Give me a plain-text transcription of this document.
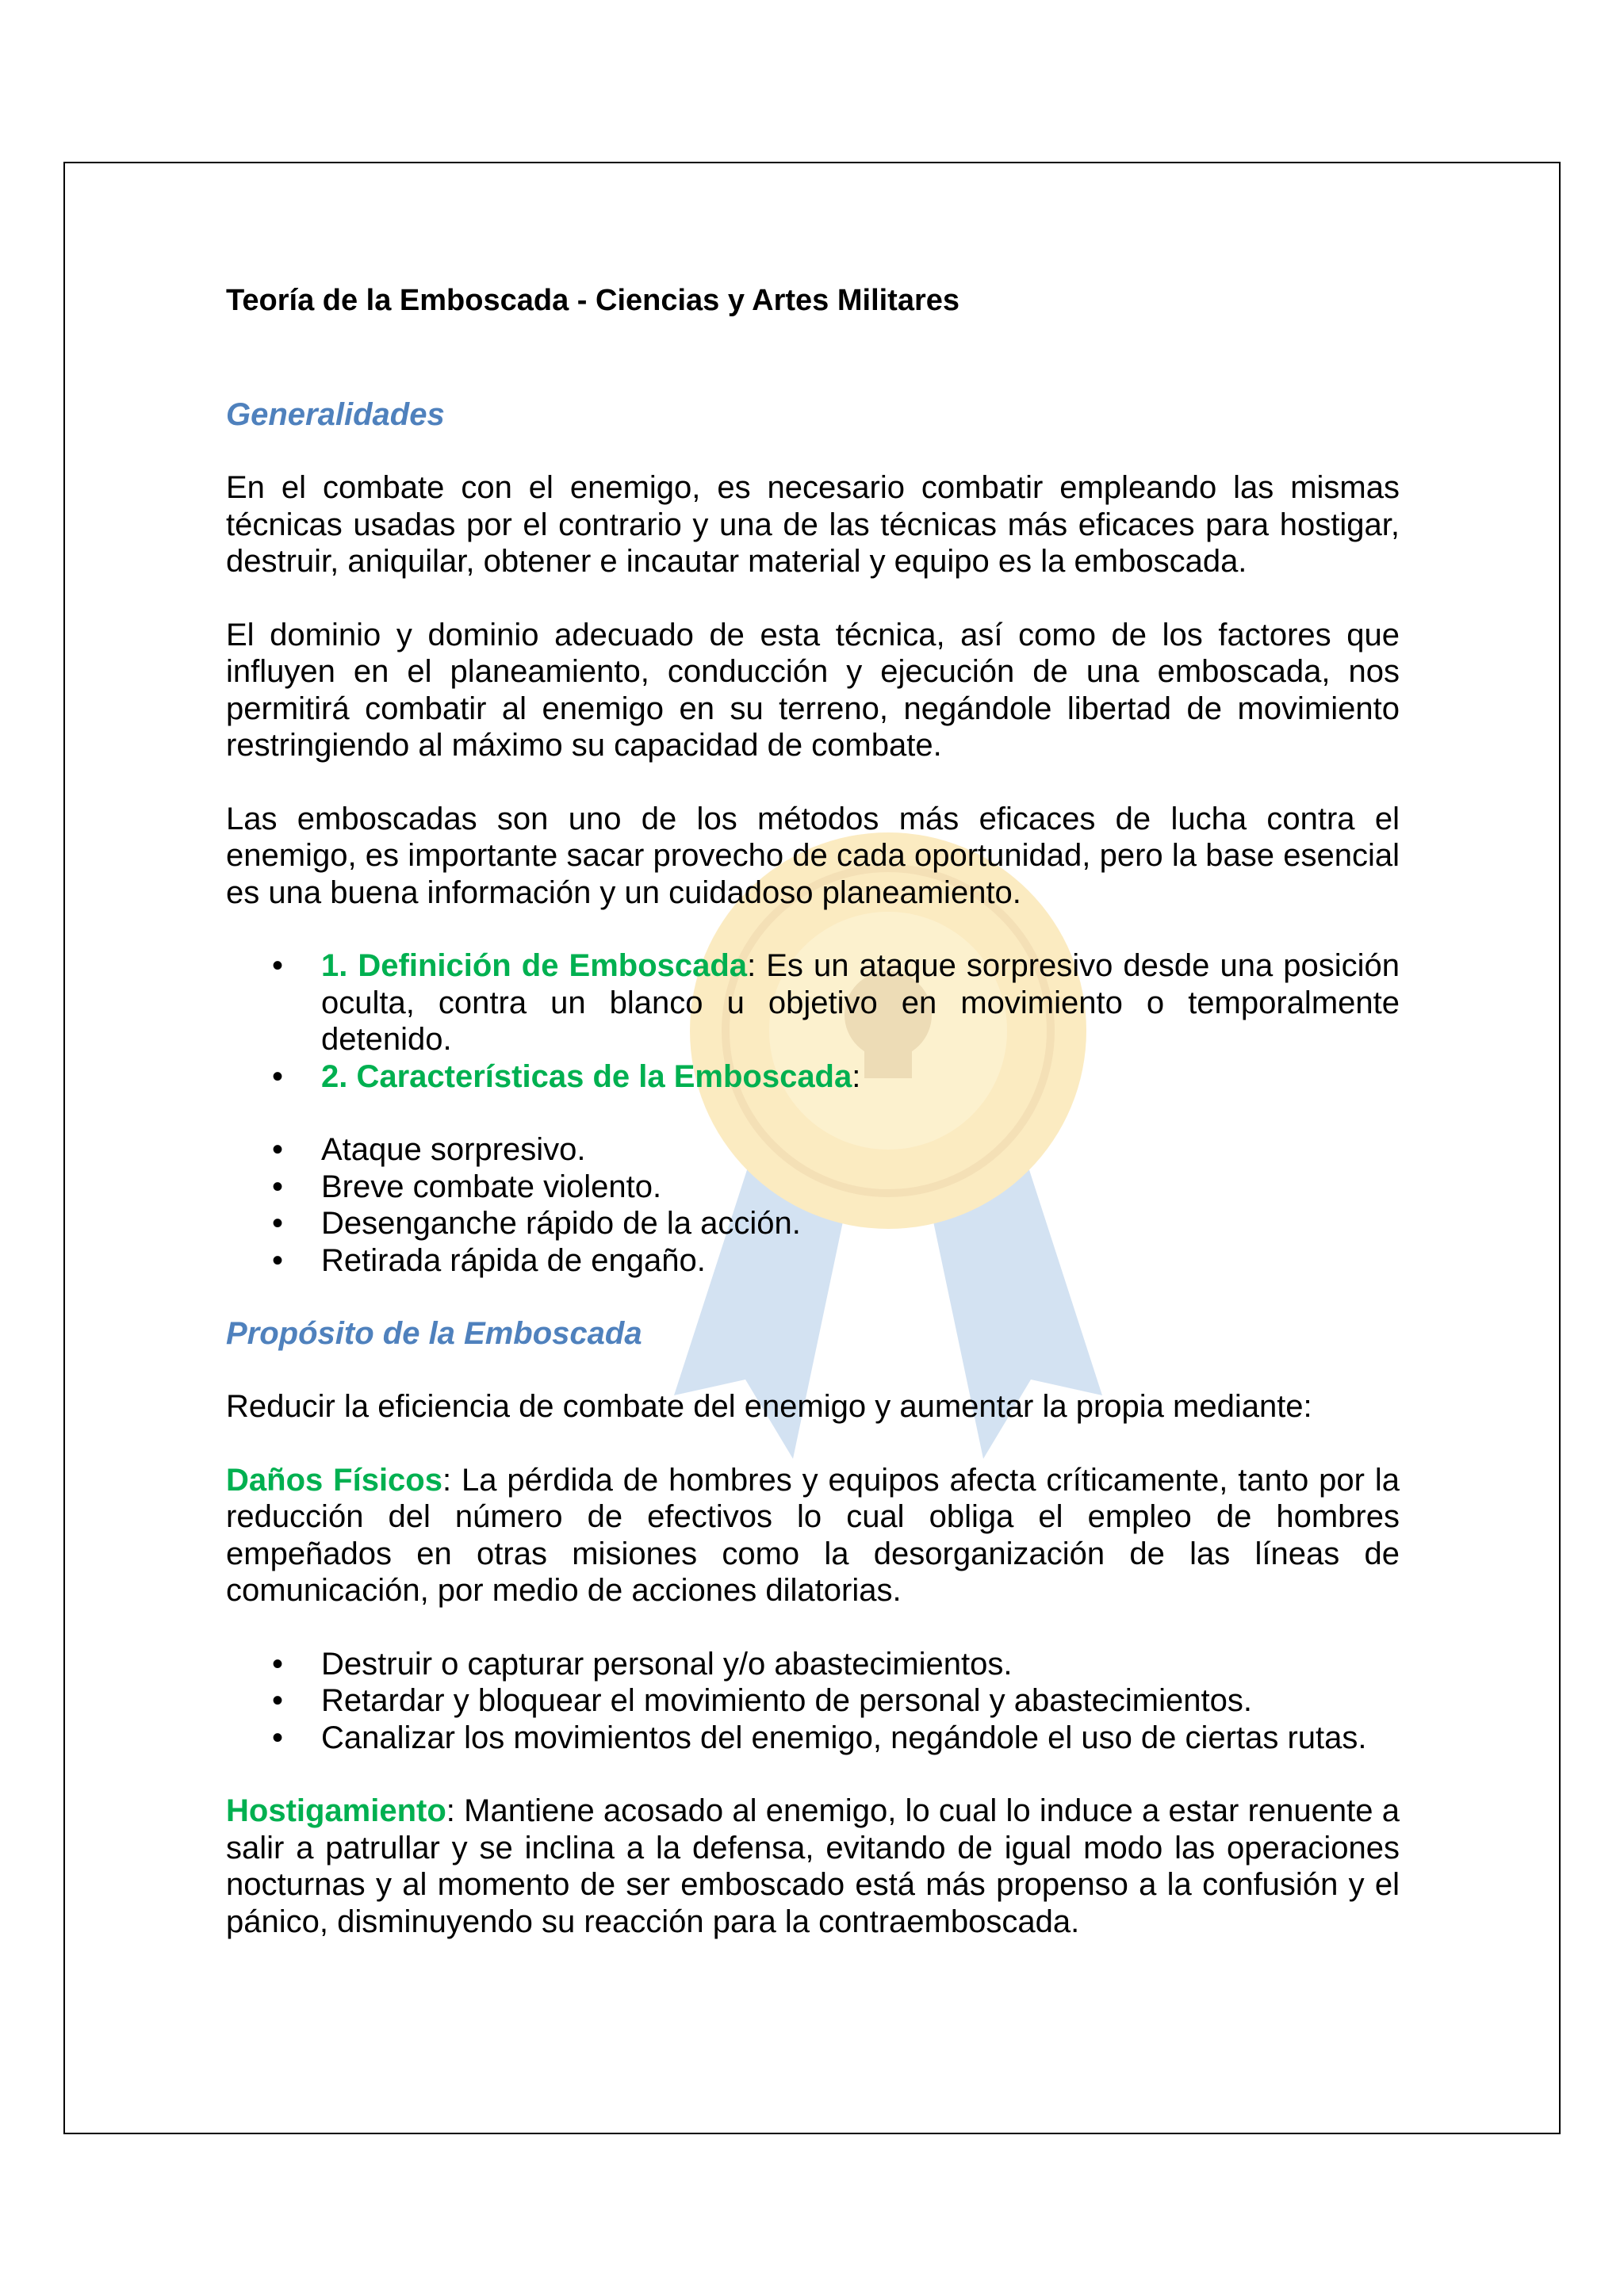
Teoría de la Emboscada - Ciencias y Artes Militares
Generalidades

En el combate con el enemigo, es necesario combatir empleando las mismas técnicas usadas por el contrario y una de las técnicas más eficaces para hostigar, destruir, aniquilar, obtener e incautar material y equipo es la emboscada.

El dominio y dominio adecuado de esta técnica, así como de los factores que influyen en el planeamiento, conducción y ejecución de una emboscada, nos permitirá combatir al enemigo en su terreno, negándole libertad de movimiento restringiendo al máximo su capacidad de combate.

Las emboscadas son uno de los métodos más eficaces de lucha contra el enemigo, es importante sacar provecho de cada oportunidad, pero la base esencial es una buena información y un cuidadoso planeamiento.

• 1. Definición de Emboscada: Es un ataque sorpresivo desde una posición oculta, contra un blanco u objetivo en movimiento o temporalmente detenido.
• 2. Características de la Emboscada:
• Ataque sorpresivo.
• Breve combate violento.
• Desenganche rápido de la acción.
• Retirada rápida de engaño.
Propósito de la Emboscada

Reducir la eficiencia de combate del enemigo y aumentar la propia mediante:

Daños Físicos: La pérdida de hombres y equipos afecta críticamente, tanto por la reducción del número de efectivos lo cual obliga el empleo de hombres empeñados en otras misiones como la desorganización de las líneas de comunicación, por medio de acciones dilatorias.

• Destruir o capturar personal y/o abastecimientos.
• Retardar y bloquear el movimiento de personal y abastecimientos.
• Canalizar los movimientos del enemigo, negándole el uso de ciertas rutas.

Hostigamiento: Mantiene acosado al enemigo, lo cual lo induce a estar renuente a salir a patrullar y se inclina a la defensa, evitando de igual modo las operaciones nocturnas y al momento de ser emboscado está más propenso a la confusión y el pánico, disminuyendo su reacción para la contraemboscada.
